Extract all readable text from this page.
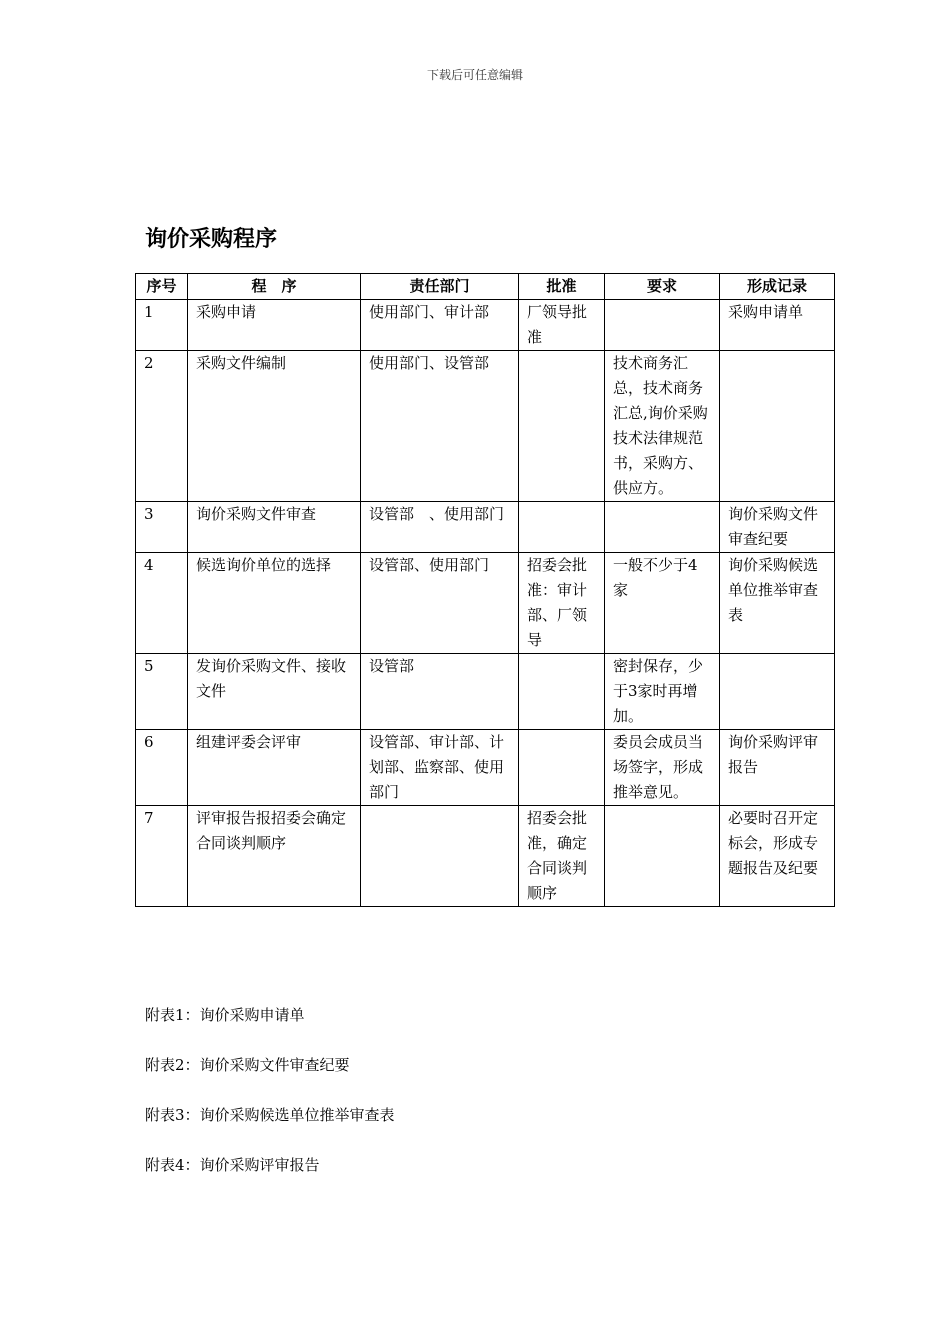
下载后可任意编辑
询价采购程序
序号	程　序	责任部门	批准	要求	形成记录
1	采购申请	使用部门、审计部	厂领导批准		采购申请单
2	采购文件编制	使用部门、设管部		技术商务汇总，技术商务汇总,询价采购技术法律规范书，采购方、供应方。	
3	询价采购文件审查	设管部　、使用部门			询价采购文件审查纪要
4	候选询价单位的选择	设管部、使用部门	招委会批准：审计部、厂领导	一般不少于4家	询价采购候选单位推举审查表
5	发询价采购文件、接收文件	设管部		密封保存，少于3家时再增加。	
6	组建评委会评审	设管部、审计部、计划部、监察部、使用部门		委员会成员当场签字，形成推举意见。	询价采购评审报告
7	评审报告报招委会确定合同谈判顺序		招委会批准，确定合同谈判顺序		必要时召开定标会，形成专题报告及纪要
附表1：询价采购申请单
附表2：询价采购文件审查纪要
附表3：询价采购候选单位推举审查表
附表4：询价采购评审报告
